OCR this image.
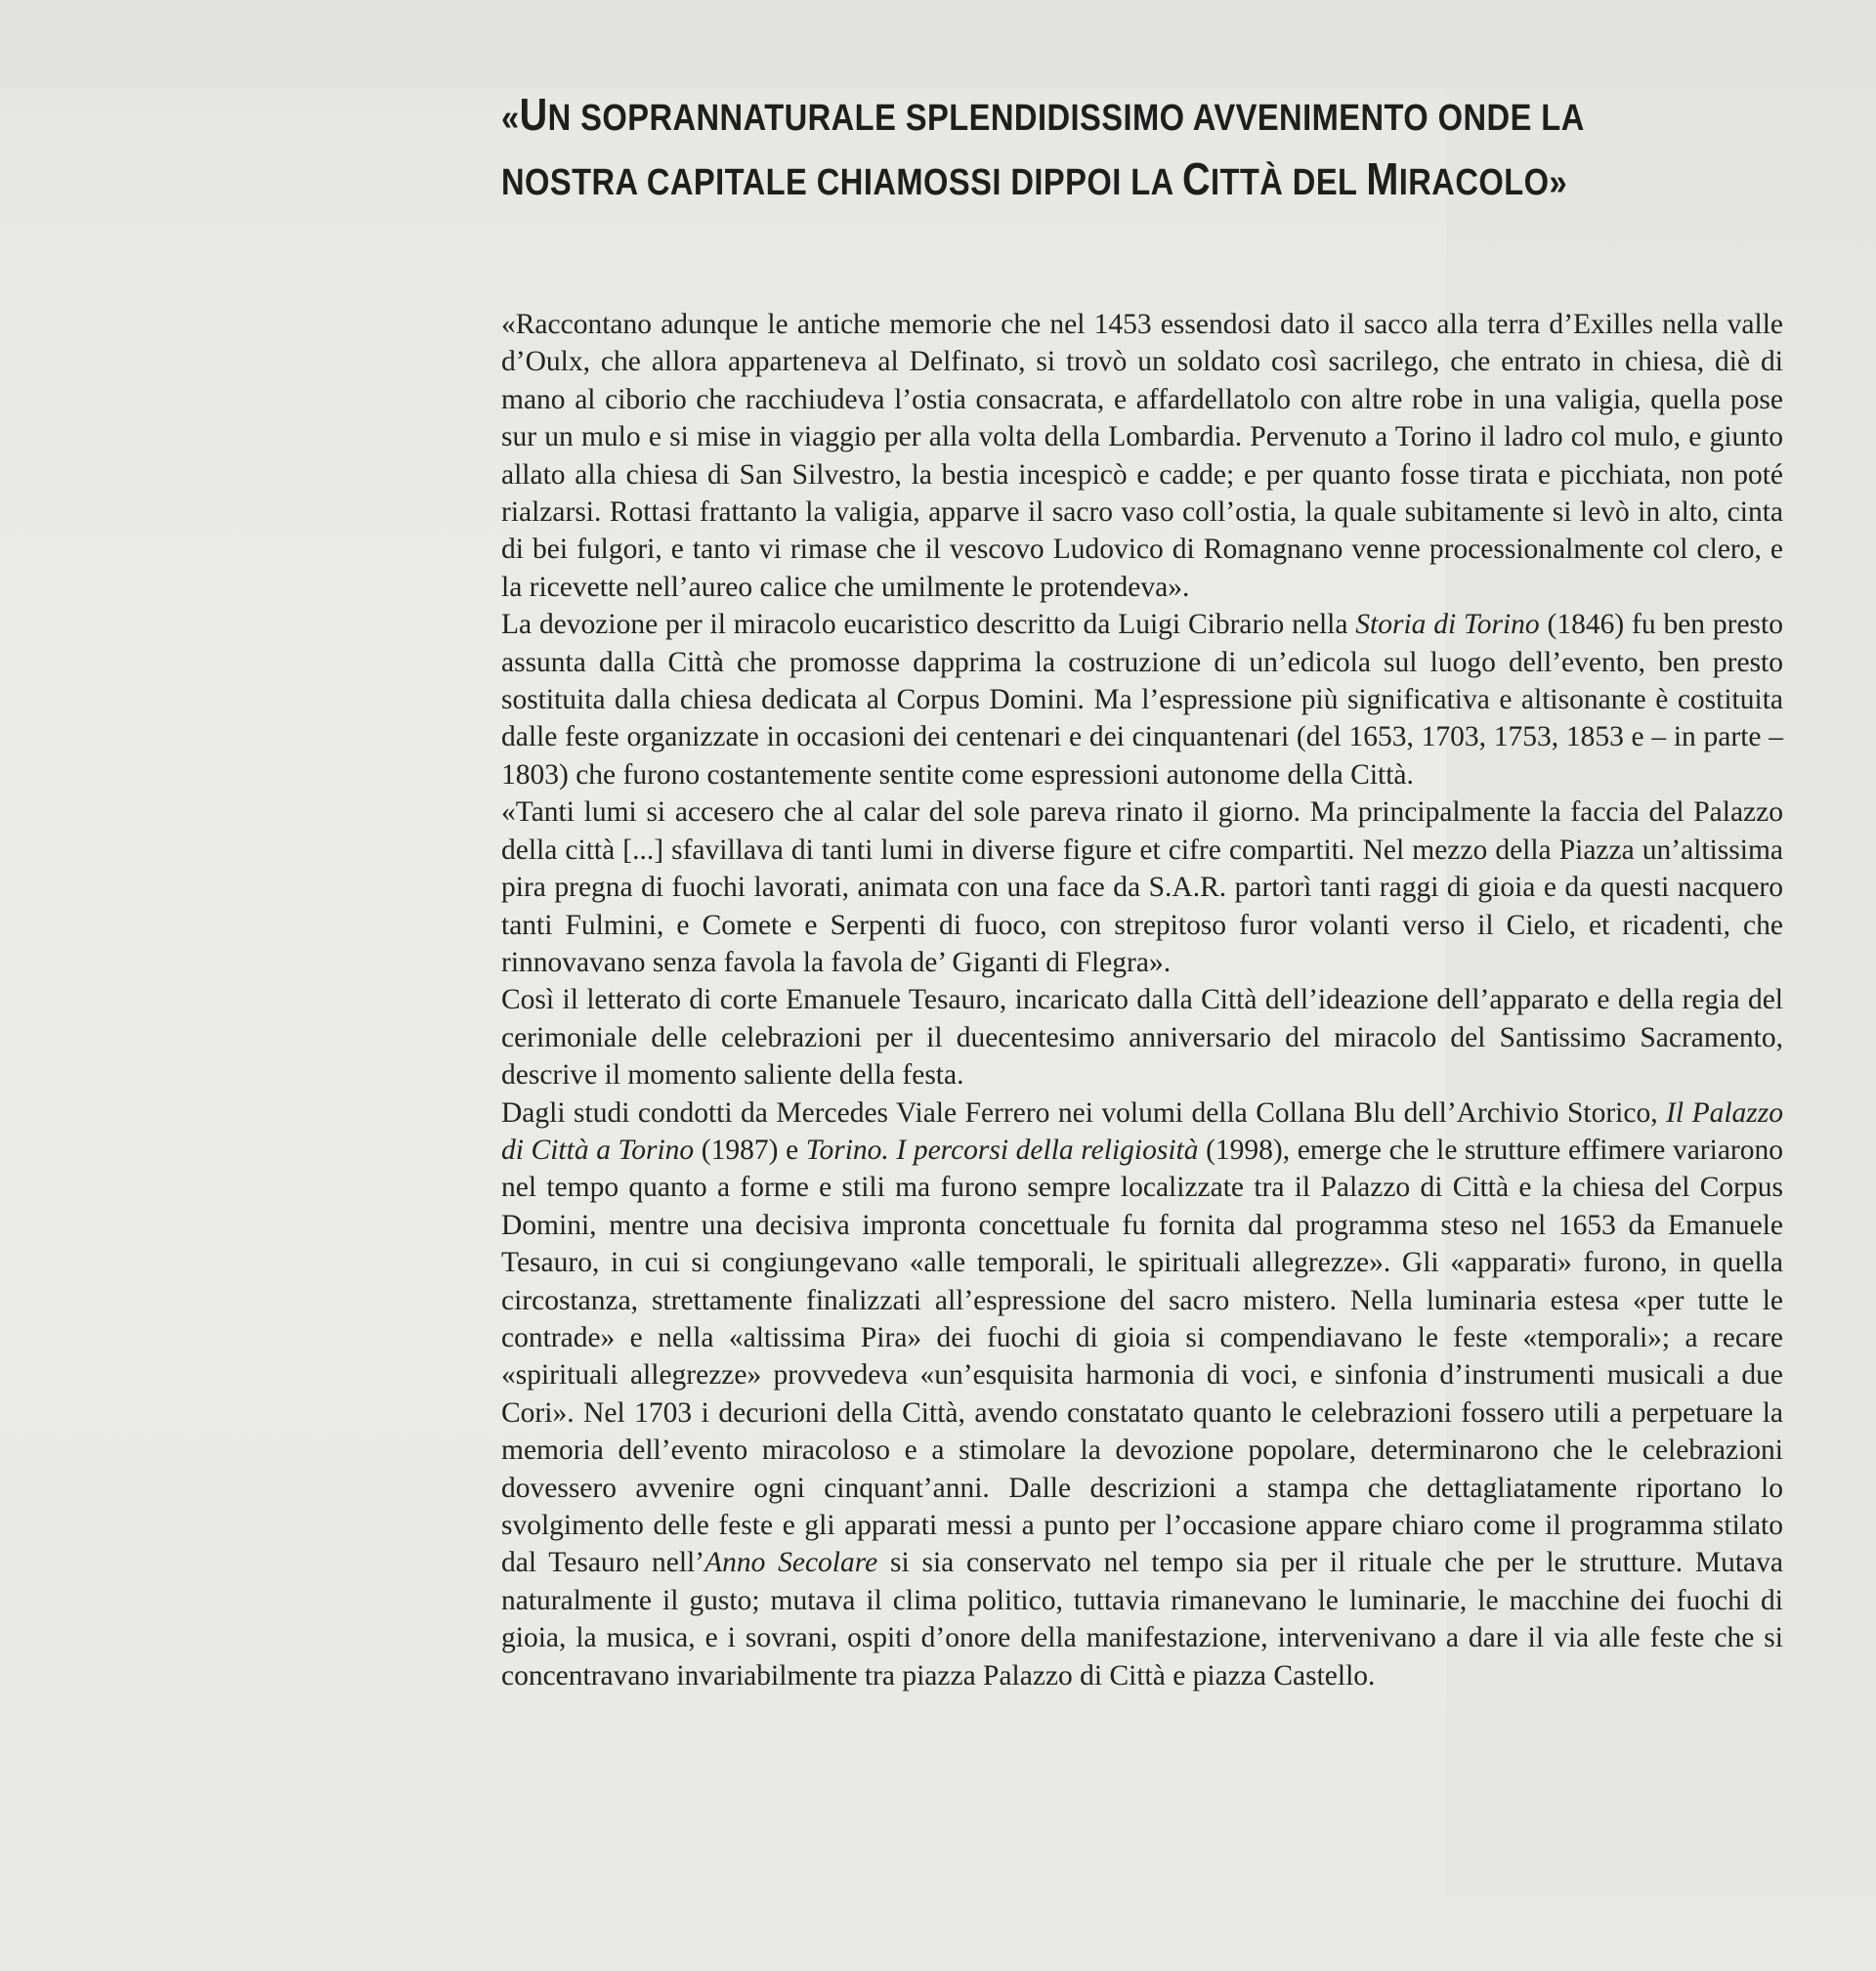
«UN SOPRANNATURALE SPLENDIDISSIMO AVVENIMENTO ONDE LA NOSTRA CAPITALE CHIAMOSSI DIPPOI LA CITTÀ DEL MIRACOLO»

«Raccontano adunque le antiche memorie che nel 1453 essendosi dato il sacco alla terra d’Exilles nella valle d’Oulx, che allora apparteneva al Delfinato, si trovò un soldato così sacrilego, che entrato in chiesa, diè di mano al ciborio che racchiudeva l’ostia consacrata, e affardellatolo con altre robe in una valigia, quella pose sur un mulo e si mise in viaggio per alla volta della Lombardia. Pervenuto a Torino il ladro col mulo, e giunto allato alla chiesa di San Silvestro, la bestia incespicò e cadde; e per quanto fosse tirata e picchiata, non poté rialzarsi. Rottasi frattanto la valigia, apparve il sacro vaso coll’ostia, la quale subitamente si levò in alto, cinta di bei fulgori, e tanto vi rimase che il vescovo Ludovico di Romagnano venne processionalmente col clero, e la ricevette nell’aureo calice che umilmente le protendeva».

La devozione per il miracolo eucaristico descritto da Luigi Cibrario nella Storia di Torino (1846) fu ben presto assunta dalla Città che promosse dapprima la costruzione di un’edicola sul luogo dell’evento, ben presto sostituita dalla chiesa dedicata al Corpus Domini. Ma l’espressione più significativa e altisonante è costituita dalle feste organizzate in occasioni dei centenari e dei cinquantenari (del 1653, 1703, 1753, 1853 e – in parte – 1803) che furono costantemente sentite come espressioni autonome della Città.

«Tanti lumi si accesero che al calar del sole pareva rinato il giorno. Ma principalmente la faccia del Palazzo della città [...] sfavillava di tanti lumi in diverse figure et cifre compartiti. Nel mezzo della Piazza un’altissima pira pregna di fuochi lavorati, animata con una face da S.A.R. partorì tanti raggi di gioia e da questi nacquero tanti Fulmini, e Comete e Serpenti di fuoco, con strepitoso furor volanti verso il Cielo, et ricadenti, che rinnovavano senza favola la favola de’ Giganti di Flegra».

Così il letterato di corte Emanuele Tesauro, incaricato dalla Città dell’ideazione dell’apparato e della regia del cerimoniale delle celebrazioni per il duecentesimo anniversario del miracolo del Santissimo Sacramento, descrive il momento saliente della festa.

Dagli studi condotti da Mercedes Viale Ferrero nei volumi della Collana Blu dell’Archivio Storico, Il Palazzo di Città a Torino (1987) e Torino. I percorsi della religiosità (1998), emerge che le strutture effimere variarono nel tempo quanto a forme e stili ma furono sempre localizzate tra il Palazzo di Città e la chiesa del Corpus Domini, mentre una decisiva impronta concettuale fu fornita dal programma steso nel 1653 da Emanuele Tesauro, in cui si congiungevano «alle temporali, le spirituali allegrezze». Gli «apparati» furono, in quella circostanza, strettamente finalizzati all’espressione del sacro mistero. Nella luminaria estesa «per tutte le contrade» e nella «altissima Pira» dei fuochi di gioia si compendiavano le feste «temporali»; a recare «spirituali allegrezze» provvedeva «un’esquisita harmonia di voci, e sinfonia d’instrumenti musicali a due Cori». Nel 1703 i decurioni della Città, avendo constatato quanto le celebrazioni fossero utili a perpetuare la memoria dell’evento miracoloso e a stimolare la devozione popolare, determinarono che le celebrazioni dovessero avvenire ogni cinquant’anni. Dalle descrizioni a stampa che dettagliatamente riportano lo svolgimento delle feste e gli apparati messi a punto per l’occasione appare chiaro come il programma stilato dal Tesauro nell’Anno Secolare si sia conservato nel tempo sia per il rituale che per le strutture. Mutava naturalmente il gusto; mutava il clima politico, tuttavia rimanevano le luminarie, le macchine dei fuochi di gioia, la musica, e i sovrani, ospiti d’onore della manifestazione, intervenivano a dare il via alle feste che si concentravano invariabilmente tra piazza Palazzo di Città e piazza Castello.
